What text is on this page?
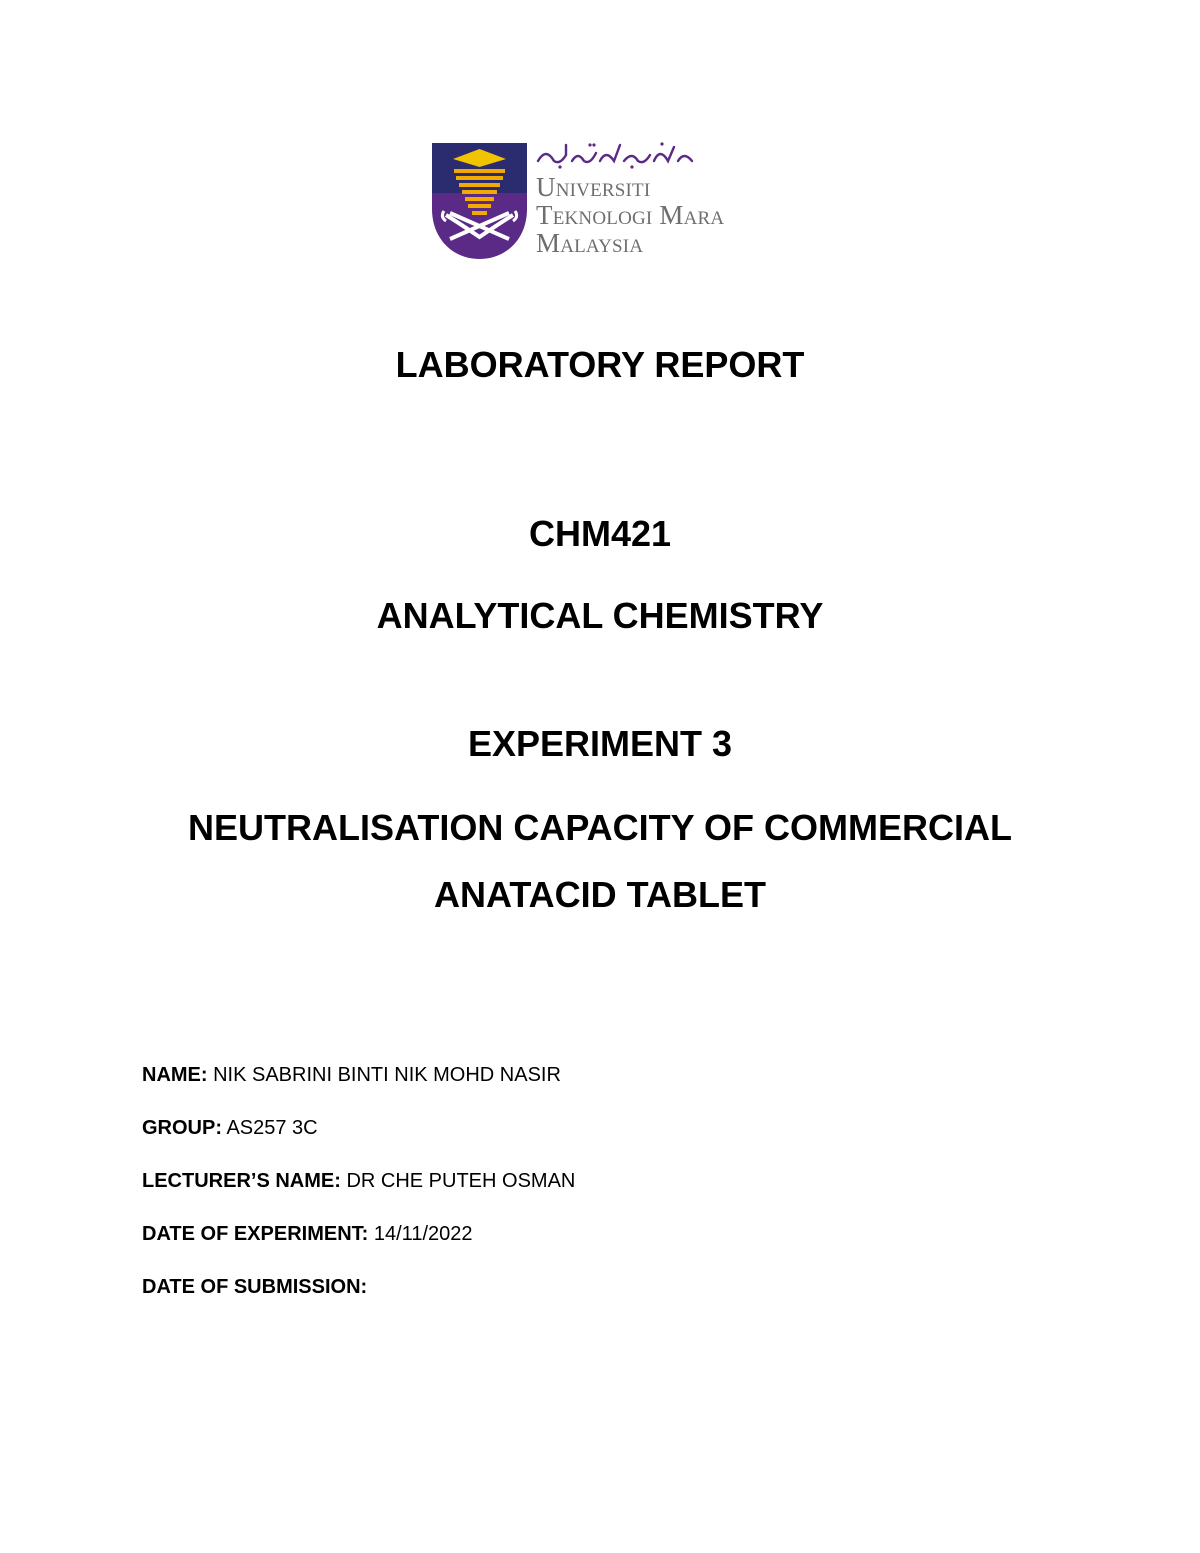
Universiti
Teknologi Mara
Malaysia
LABORATORY REPORT
CHM421
ANALYTICAL CHEMISTRY
EXPERIMENT 3
NEUTRALISATION CAPACITY OF COMMERCIAL
ANATACID TABLET
NAME: NIK SABRINI BINTI NIK MOHD NASIR
GROUP: AS257 3C
LECTURER’S NAME: DR CHE PUTEH OSMAN
DATE OF EXPERIMENT: 14/11/2022
DATE OF SUBMISSION:
